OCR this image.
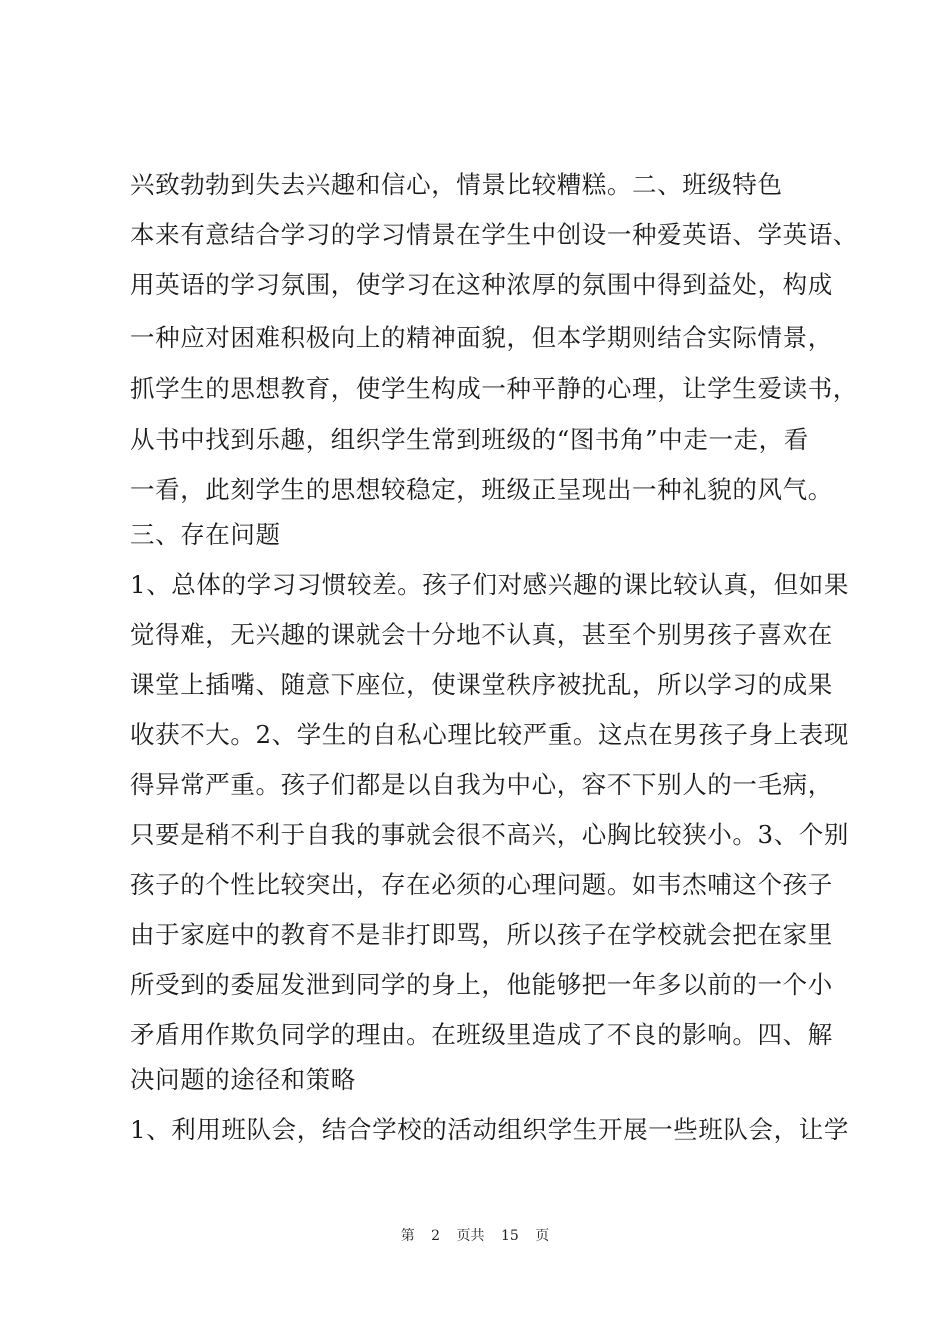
兴致勃勃到失去兴趣和信心，情景比较糟糕。二、班级特色
本来有意结合学习的学习情景在学生中创设一种爱英语、学英语、
用英语的学习氛围，使学习在这种浓厚的氛围中得到益处，构成
一种应对困难积极向上的精神面貌，但本学期则结合实际情景，
抓学生的思想教育，使学生构成一种平静的心理，让学生爱读书，
从书中找到乐趣，组织学生常到班级的“图书角”中走一走，看
一看，此刻学生的思想较稳定，班级正呈现出一种礼貌的风气。
三、存在问题
1、总体的学习习惯较差。孩子们对感兴趣的课比较认真，但如果
觉得难，无兴趣的课就会十分地不认真，甚至个别男孩子喜欢在
课堂上插嘴、随意下座位，使课堂秩序被扰乱，所以学习的成果
收获不大。2、学生的自私心理比较严重。这点在男孩子身上表现
得异常严重。孩子们都是以自我为中心，容不下别人的一毛病，
只要是稍不利于自我的事就会很不高兴，心胸比较狭小。3、个别
孩子的个性比较突出，存在必须的心理问题。如韦杰哺这个孩子
由于家庭中的教育不是非打即骂，所以孩子在学校就会把在家里
所受到的委屈发泄到同学的身上，他能够把一年多以前的一个小
矛盾用作欺负同学的理由。在班级里造成了不良的影响。四、解
决问题的途径和策略
1、利用班队会，结合学校的活动组织学生开展一些班队会，让学
第 2 页共 15 页
